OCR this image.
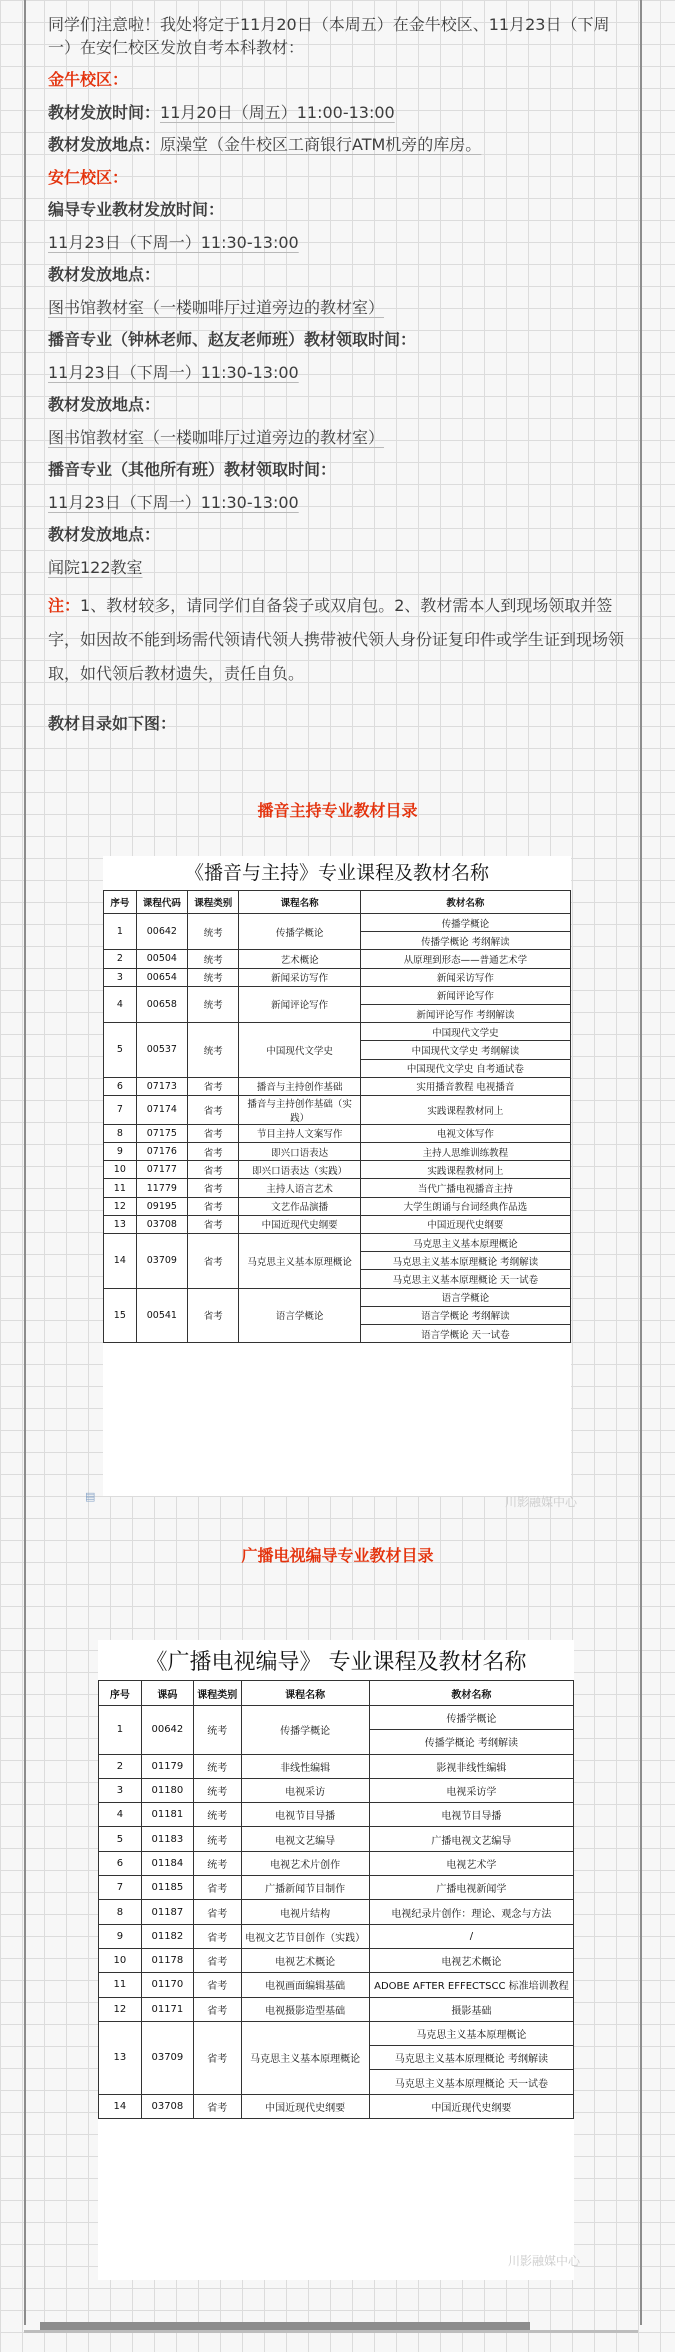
同学们注意啦！我处将定于11月20日（本周五）在金牛校区、11月23日（下周一）在安仁校区发放自考本科教材：

金牛校区：

教材发放时间：11月20日（周五）11:00-13:00

教材发放地点：原澡堂（金牛校区工商银行ATM机旁的库房。

安仁校区：

编导专业教材发放时间：

11月23日（下周一）11:30-13:00

教材发放地点：

图书馆教材室（一楼咖啡厅过道旁边的教材室）

播音专业（钟林老师、赵友老师班）教材领取时间：

11月23日（下周一）11:30-13:00

教材发放地点：

图书馆教材室（一楼咖啡厅过道旁边的教材室）

播音专业（其他所有班）教材领取时间：

11月23日（下周一）11:30-13:00

教材发放地点：

闻院122教室

注：1、教材较多，请同学们自备袋子或双肩包。2、教材需本人到现场领取并签字，如因故不能到场需代领请代领人携带被代领人身份证复印件或学生证到现场领取，如代领后教材遗失，责任自负。

教材目录如下图：

播音主持专业教材目录
《播音与主持》专业课程及教材名称
序号	课程代码	课程类别	课程名称	教材名称
1	00642	统考	传播学概论	传播学概论
				传播学概论 考纲解读
2	00504	统考	艺术概论	从原理到形态——普通艺术学
3	00654	统考	新闻采访写作	新闻采访写作
4	00658	统考	新闻评论写作	新闻评论写作
				新闻评论写作 考纲解读
5	00537	统考	中国现代文学史	中国现代文学史
				中国现代文学史 考纲解读
				中国现代文学史 自考通试卷
6	07173	省考	播音与主持创作基础	实用播音教程 电视播音
7	07174	省考	播音与主持创作基础（实践）	实践课程教材同上
8	07175	省考	节目主持人文案写作	电视文体写作
9	07176	省考	即兴口语表达	主持人思维训练教程
10	07177	省考	即兴口语表达（实践）	实践课程教材同上
11	11779	省考	主持人语言艺术	当代广播电视播音主持
12	09195	省考	文艺作品演播	大学生朗诵与台词经典作品选
13	03708	省考	中国近现代史纲要	中国近现代史纲要
14	03709	省考	马克思主义基本原理概论	马克思主义基本原理概论
				马克思主义基本原理概论 考纲解读
				马克思主义基本原理概论 天一试卷
15	00541	省考	语言学概论	语言学概论
				语言学概论 考纲解读
				语言学概论 天一试卷
川影融媒中心
▤
广播电视编导专业教材目录
《广播电视编导》 专业课程及教材名称
序号	课码	课程类别	课程名称	教材名称
1	00642	统考	传播学概论	传播学概论
				传播学概论 考纲解读
2	01179	统考	非线性编辑	影视非线性编辑
3	01180	统考	电视采访	电视采访学
4	01181	统考	电视节目导播	电视节目导播
5	01183	统考	电视文艺编导	广播电视文艺编导
6	01184	统考	电视艺术片创作	电视艺术学
7	01185	省考	广播新闻节目制作	广播电视新闻学
8	01187	省考	电视片结构	电视纪录片创作：理论、观念与方法
9	01182	省考	电视文艺节目创作（实践）	/
10	01178	省考	电视艺术概论	电视艺术概论
11	01170	省考	电视画面编辑基础	ADOBE AFTER EFFECTSCC 标准培训教程
12	01171	省考	电视摄影造型基础	摄影基础
13	03709	省考	马克思主义基本原理概论	马克思主义基本原理概论
				马克思主义基本原理概论 考纲解读
				马克思主义基本原理概论 天一试卷
14	03708	省考	中国近现代史纲要	中国近现代史纲要
川影融媒中心
